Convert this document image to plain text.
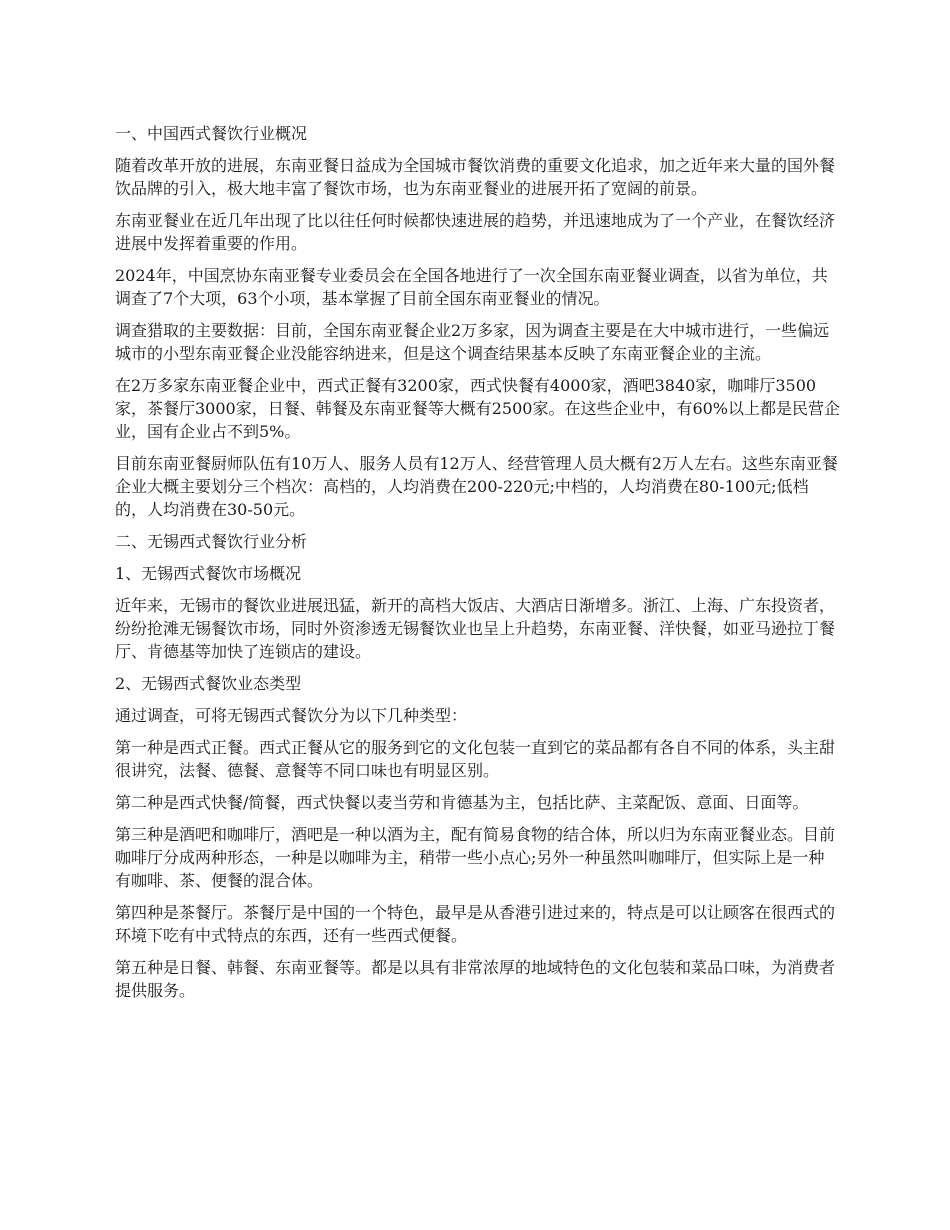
一、中国西式餐饮行业概况

随着改革开放的进展，东南亚餐日益成为全国城市餐饮消费的重要文化追求，加之近年来大量的国外餐饮品牌的引入，极大地丰富了餐饮市场，也为东南亚餐业的进展开拓了宽阔的前景。

东南亚餐业在近几年出现了比以往任何时候都快速进展的趋势，并迅速地成为了一个产业，在餐饮经济进展中发挥着重要的作用。

2024年，中国烹协东南亚餐专业委员会在全国各地进行了一次全国东南亚餐业调查，以省为单位，共调查了7个大项，63个小项，基本掌握了目前全国东南亚餐业的情况。

调查猎取的主要数据：目前，全国东南亚餐企业2万多家，因为调查主要是在大中城市进行，一些偏远城市的小型东南亚餐企业没能容纳进来，但是这个调查结果基本反映了东南亚餐企业的主流。

在2万多家东南亚餐企业中，西式正餐有3200家，西式快餐有4000家，酒吧3840家，咖啡厅3500家，茶餐厅3000家，日餐、韩餐及东南亚餐等大概有2500家。在这些企业中，有60%以上都是民营企业，国有企业占不到5%。

目前东南亚餐厨师队伍有10万人、服务人员有12万人、经营管理人员大概有2万人左右。这些东南亚餐企业大概主要划分三个档次：高档的，人均消费在200-220元;中档的，人均消费在80-100元;低档的，人均消费在30-50元。

二、无锡西式餐饮行业分析

1、无锡西式餐饮市场概况

近年来，无锡市的餐饮业进展迅猛，新开的高档大饭店、大酒店日渐增多。浙江、上海、广东投资者，纷纷抢滩无锡餐饮市场，同时外资渗透无锡餐饮业也呈上升趋势，东南亚餐、洋快餐，如亚马逊拉丁餐厅、肯德基等加快了连锁店的建设。

2、无锡西式餐饮业态类型

通过调查，可将无锡西式餐饮分为以下几种类型：

第一种是西式正餐。西式正餐从它的服务到它的文化包装一直到它的菜品都有各自不同的体系，头主甜很讲究，法餐、德餐、意餐等不同口味也有明显区别。

第二种是西式快餐/简餐，西式快餐以麦当劳和肯德基为主，包括比萨、主菜配饭、意面、日面等。

第三种是酒吧和咖啡厅，酒吧是一种以酒为主，配有简易食物的结合体，所以归为东南亚餐业态。目前咖啡厅分成两种形态，一种是以咖啡为主，稍带一些小点心;另外一种虽然叫咖啡厅，但实际上是一种有咖啡、茶、便餐的混合体。

第四种是茶餐厅。茶餐厅是中国的一个特色，最早是从香港引进过来的，特点是可以让顾客在很西式的环境下吃有中式特点的东西，还有一些西式便餐。

第五种是日餐、韩餐、东南亚餐等。都是以具有非常浓厚的地域特色的文化包装和菜品口味，为消费者提供服务。
